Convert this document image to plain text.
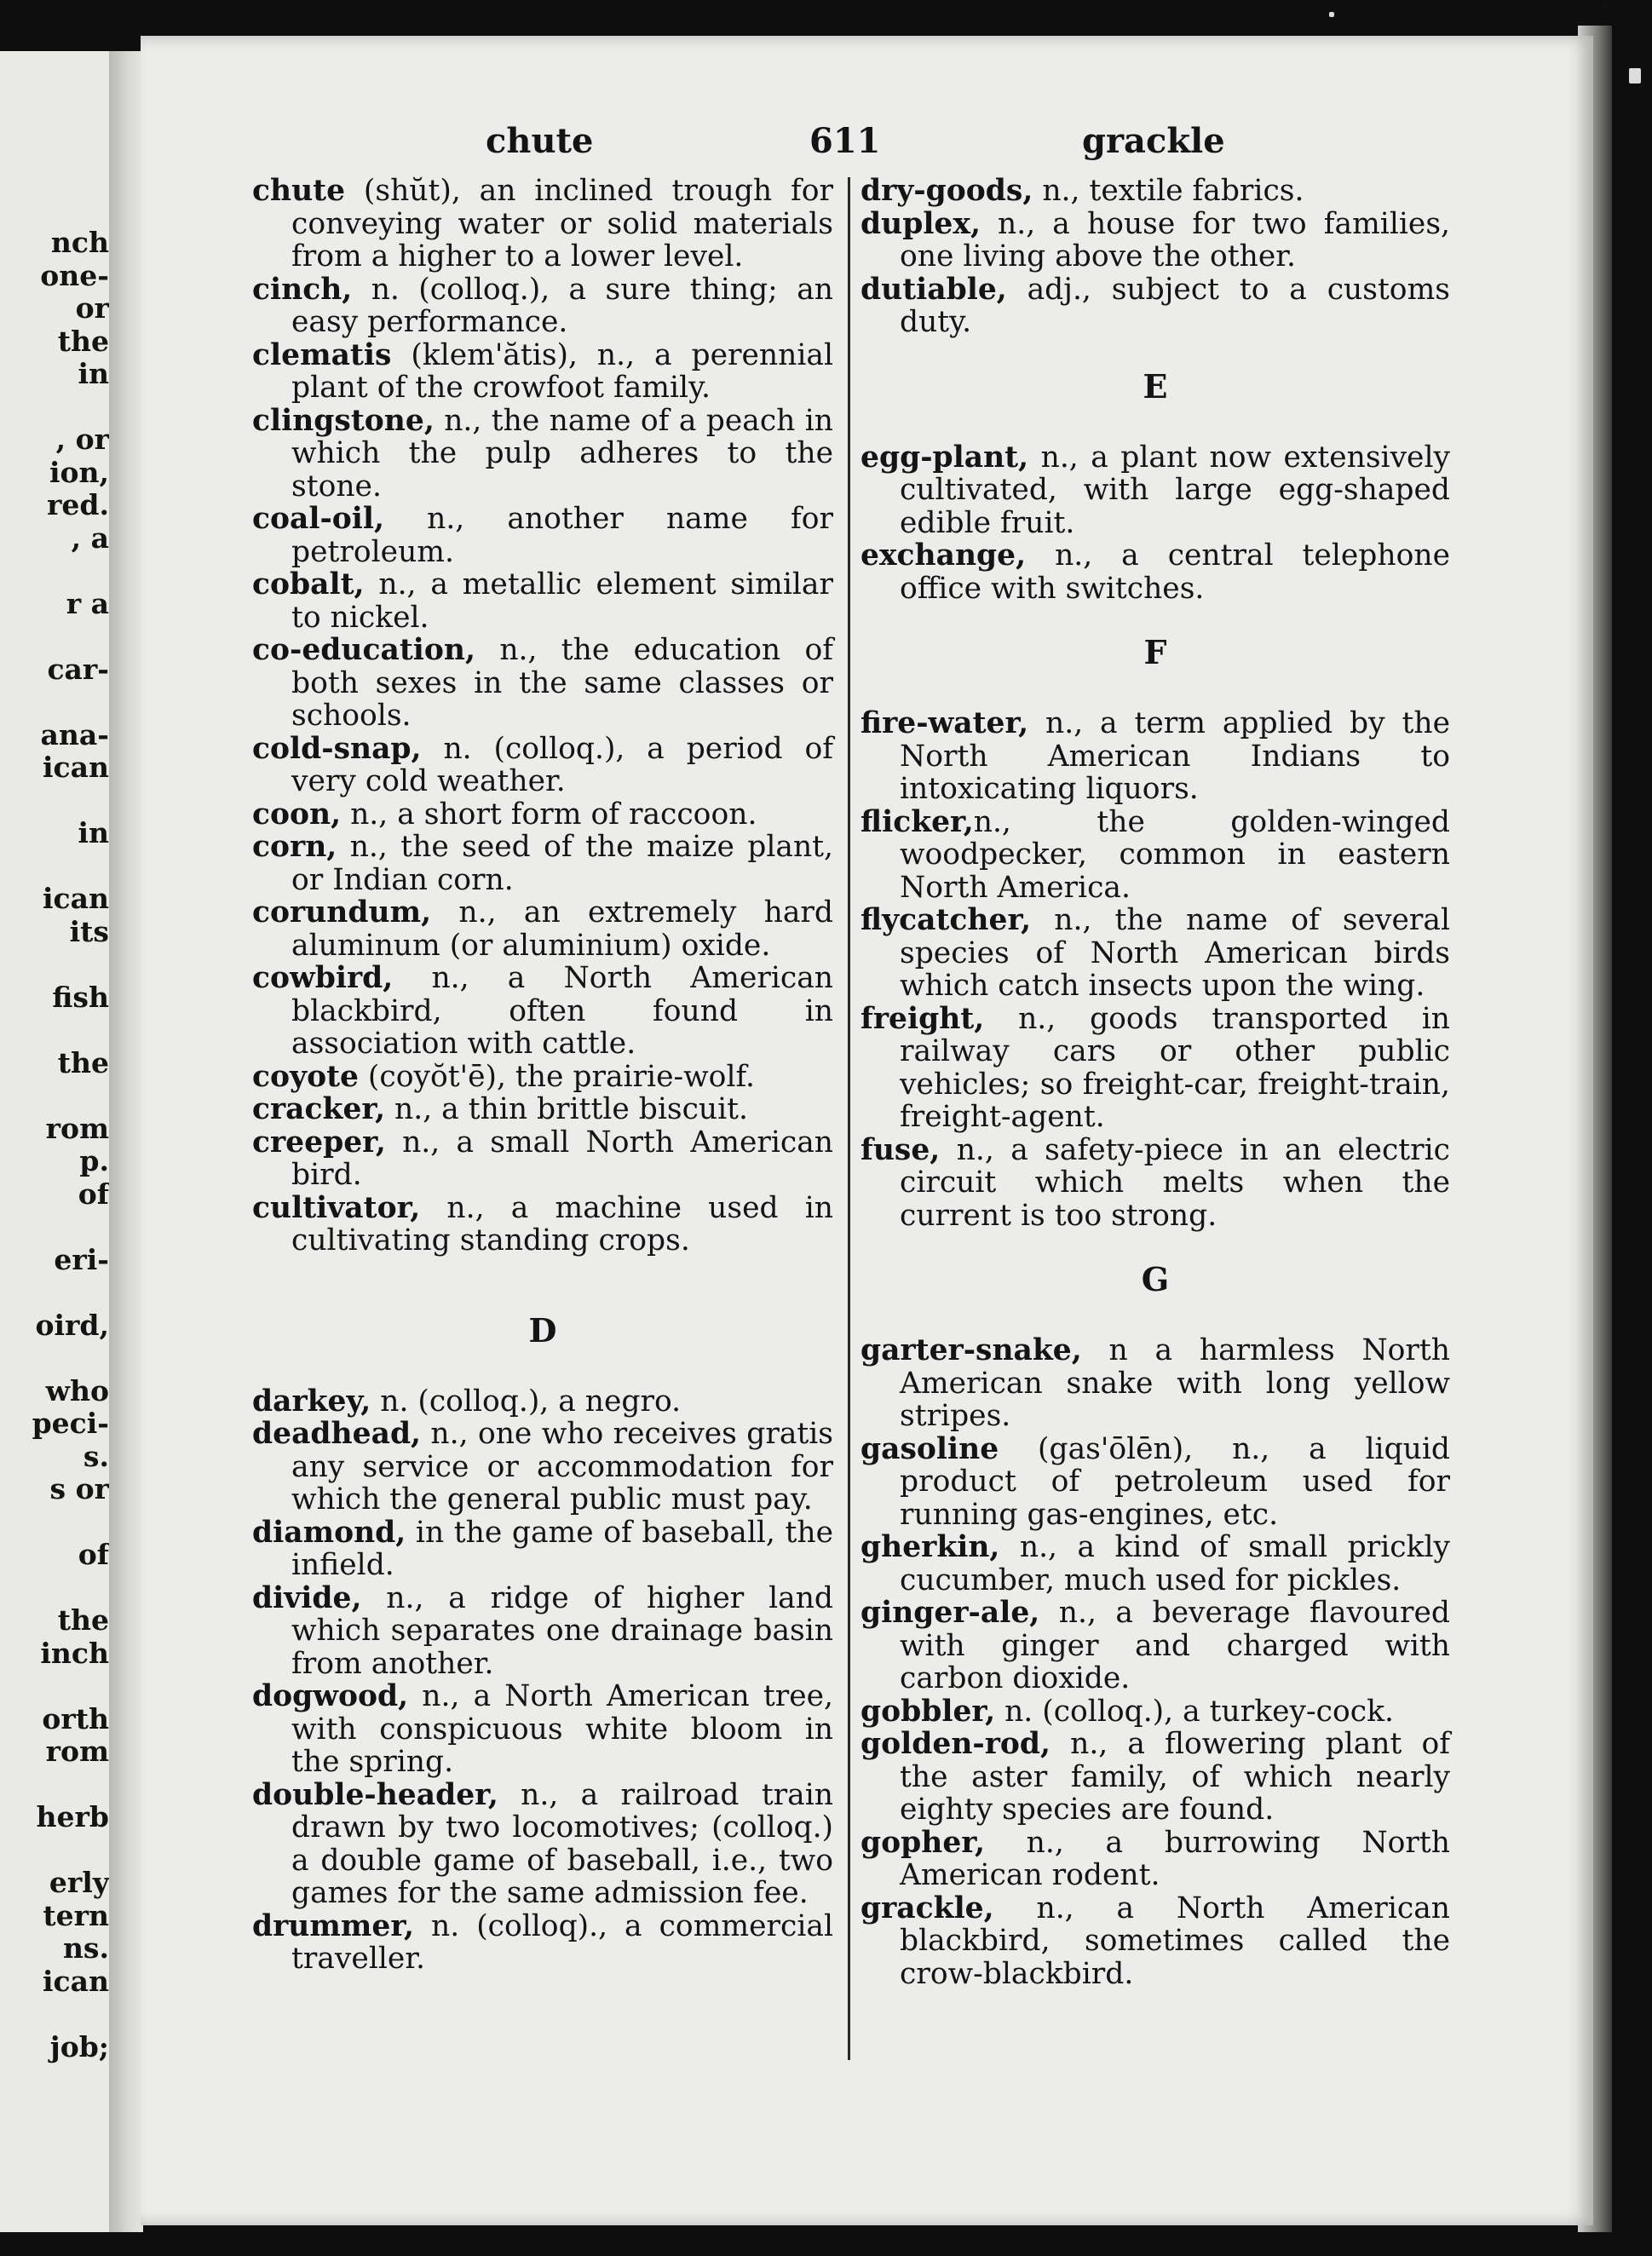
nch
one-
or
the
in
, or
ion,
red.
, a
r a
car-
ana-
ican
in
ican
its
fish
the
rom
p.
of
eri-
oird,
who
peci-
s.
s or
of
the
inch
orth
rom
herb
erly
tern
ns.
ican
job;
chute	611	grackle

chute (shŭt), an inclined trough for conveying water or solid materials from a higher to a lower level.

cinch, n. (colloq.), a sure thing; an easy performance.

clematis (klem'ătis), n., a perennial plant of the crowfoot family.

clingstone, n., the name of a peach in which the pulp adheres to the stone.

coal-oil, n., another name for petroleum.

cobalt, n., a metallic element similar to nickel.

co-education, n., the education of both sexes in the same classes or schools.

cold-snap, n. (colloq.), a period of very cold weather.

coon, n., a short form of raccoon.

corn, n., the seed of the maize plant, or Indian corn.

corundum, n., an extremely hard aluminum (or aluminium) oxide.

cowbird, n., a North American blackbird, often found in association with cattle.

coyote (coyŏt'ē), the prairie-wolf.

cracker, n., a thin brittle biscuit.

creeper, n., a small North American bird.

cultivator, n., a machine used in cultivating standing crops.

D

darkey, n. (colloq.), a negro.

deadhead, n., one who receives gratis any service or accommodation for which the general public must pay.

diamond, in the game of baseball, the infield.

divide, n., a ridge of higher land which separates one drainage basin from another.

dogwood, n., a North American tree, with conspicuous white bloom in the spring.

double-header, n., a railroad train drawn by two locomotives; (colloq.) a double game of baseball, i.e., two games for the same admission fee.

drummer, n. (colloq)., a commercial traveller.

dry-goods, n., textile fabrics.

duplex, n., a house for two families, one living above the other.

dutiable, adj., subject to a customs duty.

E

egg-plant, n., a plant now extensively cultivated, with large egg-shaped edible fruit.

exchange, n., a central telephone office with switches.

F

fire-water, n., a term applied by the North American Indians to intoxicating liquors.

flicker,n., the golden-winged woodpecker, common in eastern North America.

flycatcher, n., the name of several species of North American birds which catch insects upon the wing.

freight, n., goods transported in railway cars or other public vehicles; so freight-car, freight-train, freight-agent.

fuse, n., a safety-piece in an electric circuit which melts when the current is too strong.

G

garter-snake, n a harmless North American snake with long yellow stripes.

gasoline (gas'ōlēn), n., a liquid product of petroleum used for running gas-engines, etc.

gherkin, n., a kind of small prickly cucumber, much used for pickles.

ginger-ale, n., a beverage flavoured with ginger and charged with carbon dioxide.

gobbler, n. (colloq.), a turkey-cock.

golden-rod, n., a flowering plant of the aster family, of which nearly eighty species are found.

gopher, n., a burrowing North American rodent.

grackle, n., a North American blackbird, sometimes called the crow-blackbird.
